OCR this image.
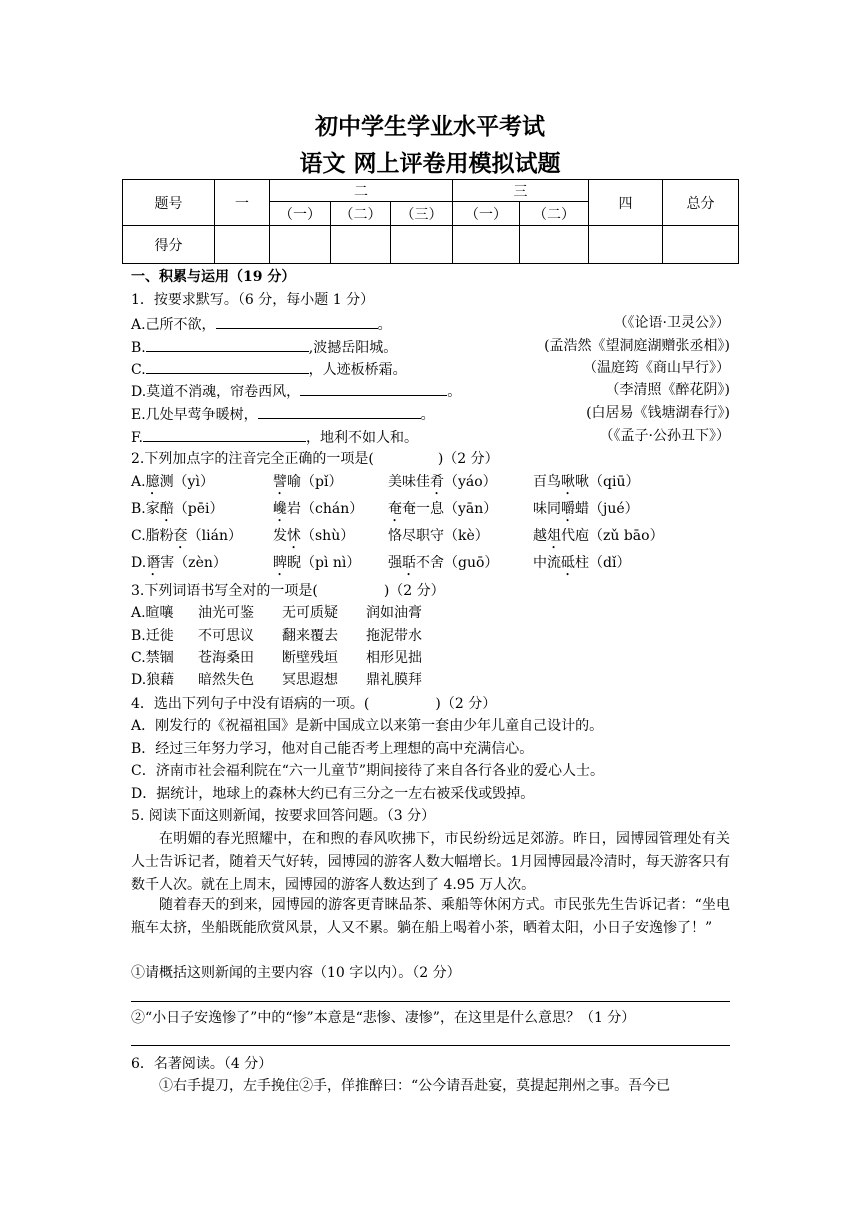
初中学生学业水平考试
语文 网上评卷用模拟试题
题号	一	二			三		四	总分
		（一）	（二）	（三）	（一）	（二）		
得分								
一、积累与运用（19 分）
1．按要求默写。（6 分，每小题 1 分）
A.己所不欲，	。	（《论语·卫灵公》）
B.	,波撼岳阳城。	(孟浩然《望洞庭湖赠张丞相》)
C.	，人迹板桥霜。	（温庭筠《商山早行》）
D.莫道不消魂，帘卷西风，	。	（李清照《醉花阴》)
E.几处早莺争暖树，	。	(白居易《钱塘湖春行》)
F.	，地利不如人和。	（《孟子·公孙丑下》）
2.下列加点字的注音完全正确的一项是(	)（2 分）
A.臆测（yì）	譬喻（pǐ）	美味佳肴（yáo）	百鸟啾啾（qiū）
B.家醅（pēi）	巉岩（chán） 奄奄一息（yān）	味同嚼蜡（jué）
C.脂粉奁（lián） 发怵（shù） 恪尽职守（kè）	越俎代庖（zǔ bāo）
D.谮害（zèn）	睥睨（pì nì） 强聒不舍（guō） 中流砥柱（dǐ）
3.下列词语书写全对的一项是(	)（2 分）
A.暄嚷 油光可鉴 无可质疑 润如油膏
B.迁徙 不可思议 翻来覆去 拖泥带水
C.禁锢 苍海桑田 断壁残垣 相形见拙
D.狼藉 暗然失色 冥思遐想 鼎礼膜拜
4．选出下列句子中没有语病的一项。(	)（2 分）
A．刚发行的《祝福祖国》是新中国成立以来第一套由少年儿童自己设计的。
B．经过三年努力学习，他对自己能否考上理想的高中充满信心。
C．济南市社会福利院在“六一儿童节”期间接待了来自各行各业的爱心人士。
D．据统计，地球上的森林大约已有三分之一左右被采伐或毁掉。
5. 阅读下面这则新闻，按要求回答问题。（3 分）
在明媚的春光照耀中，在和煦的春风吹拂下，市民纷纷远足郊游。昨日，园博园管理处有关人士告诉记者，随着天气好转，园博园的游客人数大幅增长。1月园博园最冷清时，每天游客只有数千人次。就在上周末，园博园的游客人数达到了 4.95 万人次。
随着春天的到来，园博园的游客更青睐品茶、乘船等休闲方式。市民张先生告诉记者：“坐电瓶车太挤，坐船既能欣赏风景，人又不累。躺在船上喝着小茶，晒着太阳，小日子安逸惨了！”
①请概括这则新闻的主要内容（10 字以内）。（2 分）
②“小日子安逸惨了”中的“惨”本意是“悲惨、凄惨”，在这里是什么意思？（1 分）
6．名著阅读。（4 分）
①右手提刀，左手挽住②手，佯推醉曰：“公今请吾赴宴，莫提起荆州之事。吾今已
